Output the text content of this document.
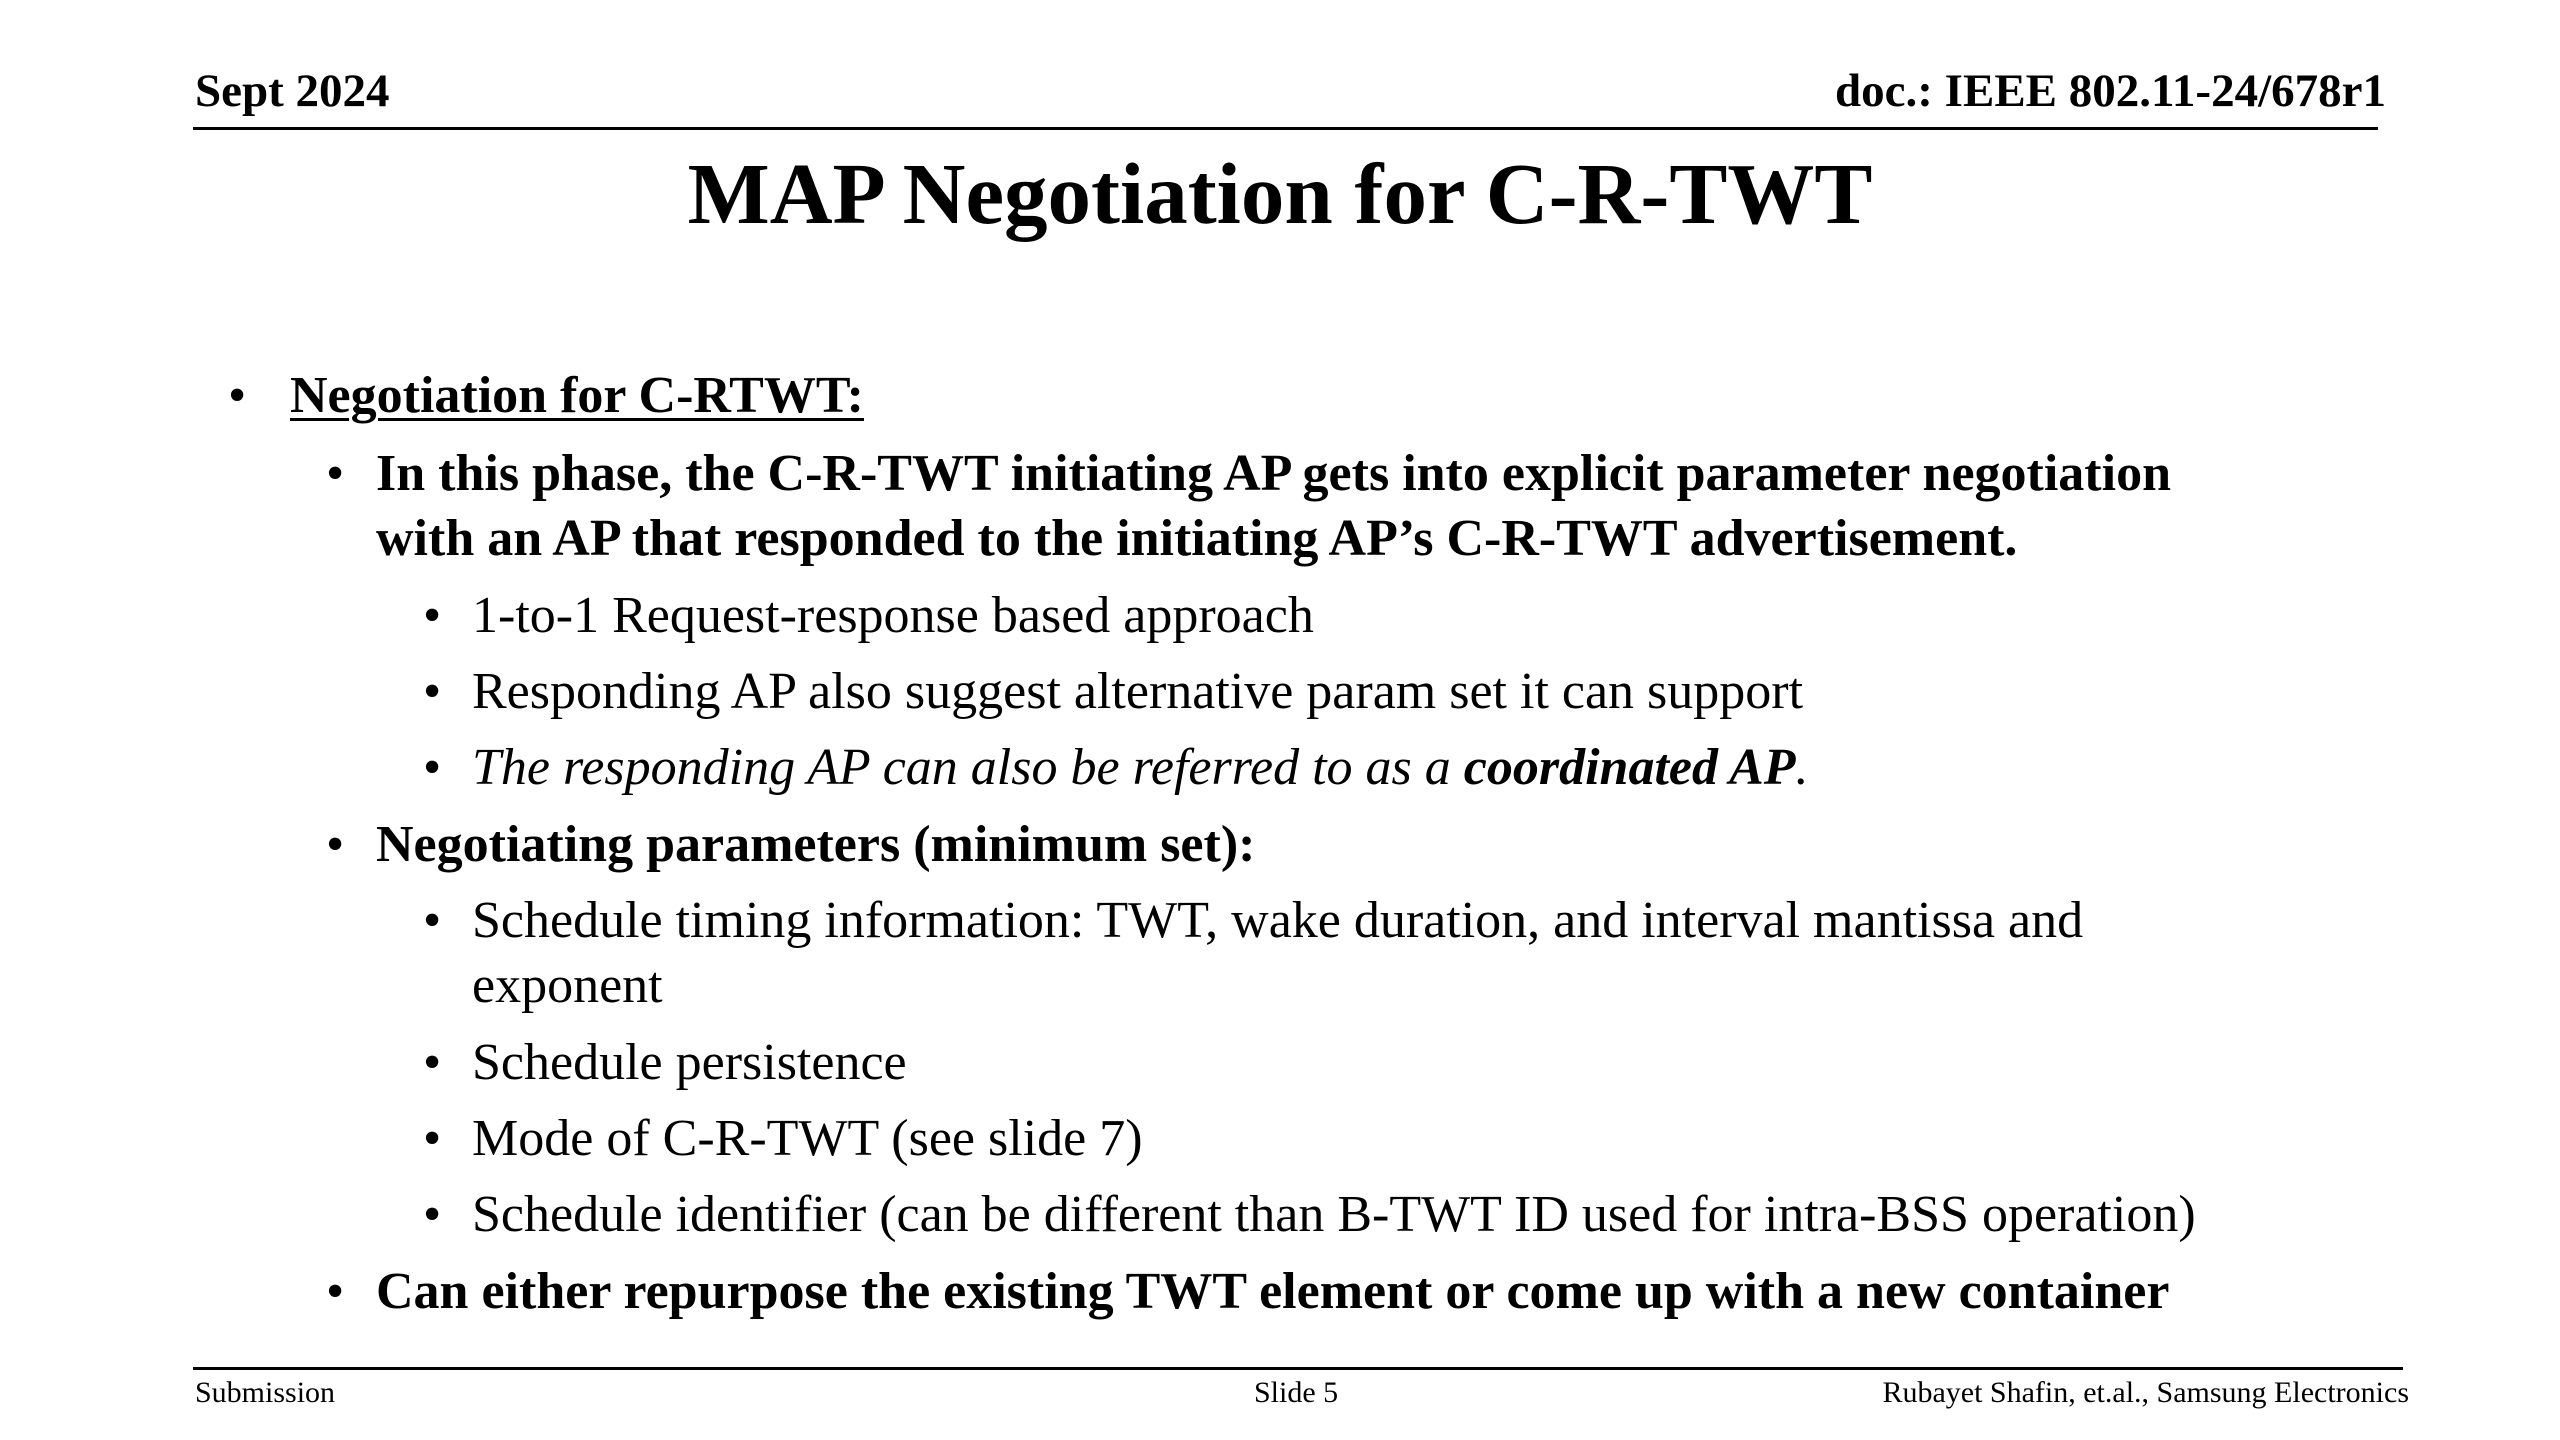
Sept 2024	doc.: IEEE 802.11-24/678r1
MAP Negotiation for C-R-TWT
• Negotiation for C-RTWT:
• In this phase, the C-R-TWT initiating AP gets into explicit parameter negotiation
with an AP that responded to the initiating AP’s C-R-TWT advertisement.
• 1-to-1 Request-response based approach
• Responding AP also suggest alternative param set it can support
• The responding AP can also be referred to as a coordinated AP.
• Negotiating parameters (minimum set):
• Schedule timing information: TWT, wake duration, and interval mantissa and
exponent
• Schedule persistence
• Mode of C-R-TWT (see slide 7)
• Schedule identifier (can be different than B-TWT ID used for intra-BSS operation)
• Can either repurpose the existing TWT element or come up with a new container
Submission	Slide 5	Rubayet Shafin, et.al., Samsung Electronics
